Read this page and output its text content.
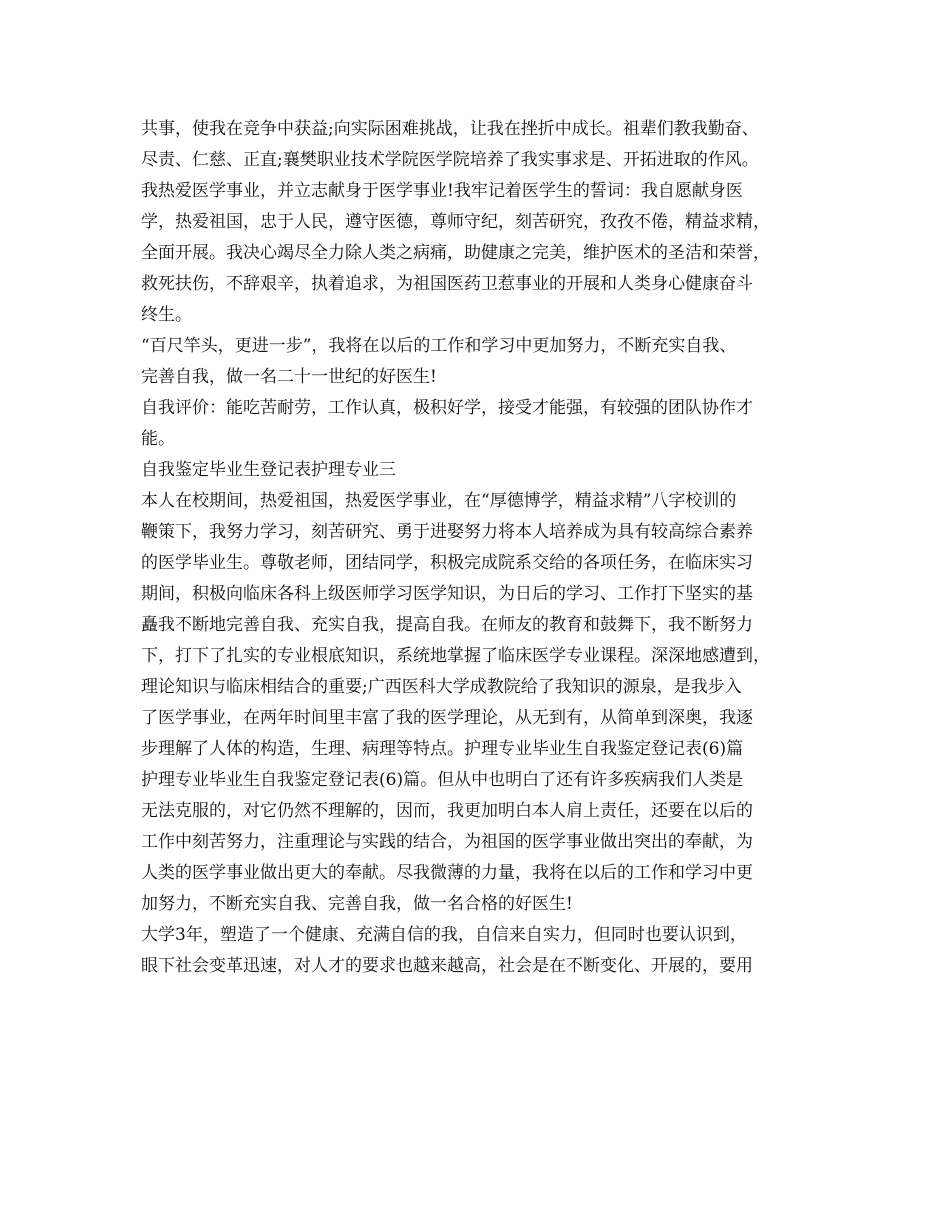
共事，使我在竞争中获益;向实际困难挑战，让我在挫折中成长。祖辈们教我勤奋、
尽责、仁慈、正直;襄樊职业技术学院医学院培养了我实事求是、开拓进取的作风。
我热爱医学事业，并立志献身于医学事业!我牢记着医学生的誓词：我自愿献身医
学，热爱祖国，忠于人民，遵守医德，尊师守纪，刻苦研究，孜孜不倦，精益求精，
全面开展。我决心竭尽全力除人类之病痛，助健康之完美，维护医术的圣洁和荣誉，
救死扶伤，不辞艰辛，执着追求，为祖国医药卫惹事业的开展和人类身心健康奋斗
终生。
“百尺竿头，更进一步”，我将在以后的工作和学习中更加努力，不断充实自我、
完善自我，做一名二十一世纪的好医生!
自我评价：能吃苦耐劳，工作认真，极积好学，接受才能强，有较强的团队协作才
能。
自我鉴定毕业生登记表护理专业三
本人在校期间，热爱祖国，热爱医学事业，在“厚德博学，精益求精”八字校训的
鞭策下，我努力学习，刻苦研究、勇于进娶努力将本人培养成为具有较高综合素养
的医学毕业生。尊敬老师，团结同学，积极完成院系交给的各项任务，在临床实习
期间，积极向临床各科上级医师学习医学知识，为日后的学习、工作打下坚实的基
矗我不断地完善自我、充实自我，提高自我。在师友的教育和鼓舞下，我不断努力
下，打下了扎实的专业根底知识，系统地掌握了临床医学专业课程。深深地感遭到，
理论知识与临床相结合的重要;广西医科大学成教院给了我知识的源泉，是我步入
了医学事业，在两年时间里丰富了我的医学理论，从无到有，从简单到深奥，我逐
步理解了人体的构造，生理、病理等特点。护理专业毕业生自我鉴定登记表(6)篇
护理专业毕业生自我鉴定登记表(6)篇。但从中也明白了还有许多疾病我们人类是
无法克服的，对它仍然不理解的，因而，我更加明白本人肩上责任，还要在以后的
工作中刻苦努力，注重理论与实践的结合，为祖国的医学事业做出突出的奉献，为
人类的医学事业做出更大的奉献。尽我微薄的力量，我将在以后的工作和学习中更
加努力，不断充实自我、完善自我，做一名合格的好医生!
大学3年，塑造了一个健康、充满自信的我，自信来自实力，但同时也要认识到，
眼下社会变革迅速，对人才的要求也越来越高，社会是在不断变化、开展的，要用
